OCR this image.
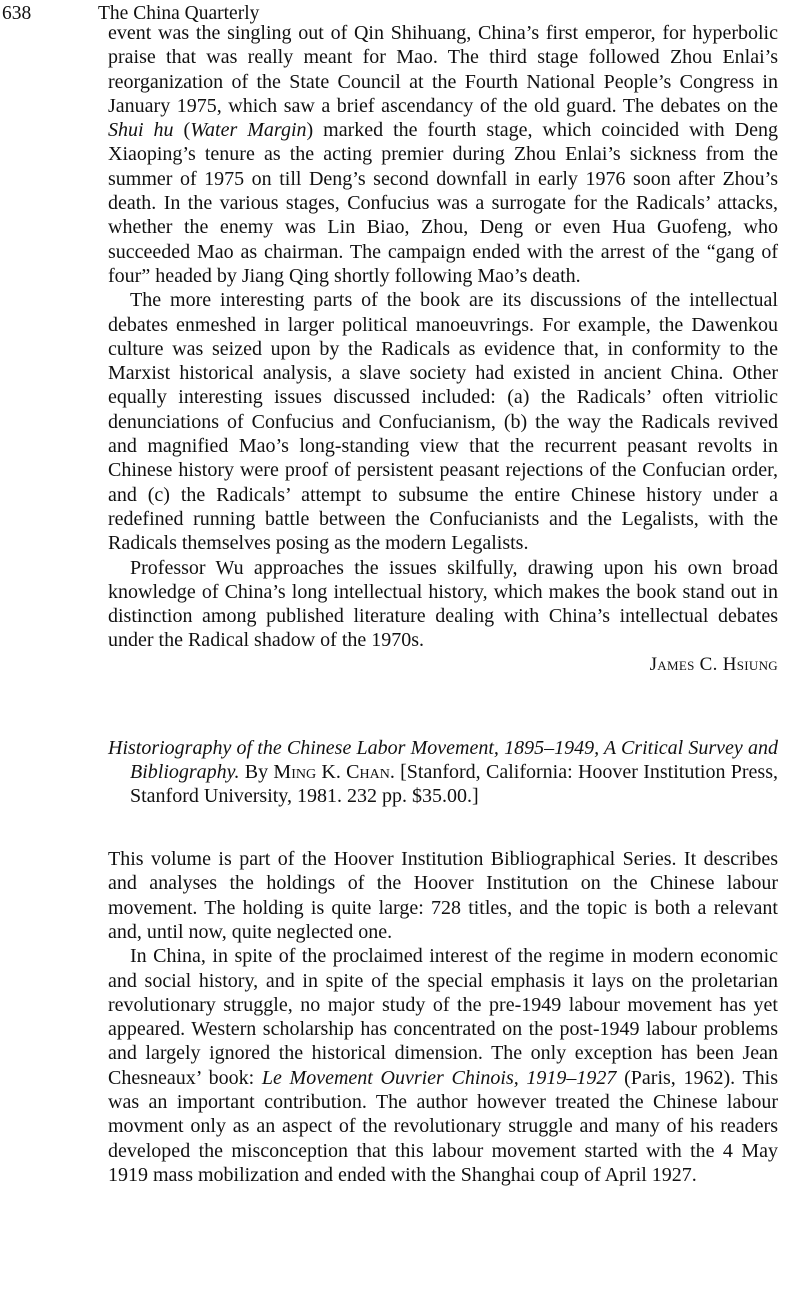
638	The China Quarterly

event was the singling out of Qin Shihuang, China’s first emperor, for hyperbolic praise that was really meant for Mao. The third stage followed Zhou Enlai’s reorganization of the State Council at the Fourth National People’s Congress in January 1975, which saw a brief ascendancy of the old guard. The debates on the Shui hu (Water Margin) marked the fourth stage, which coincided with Deng Xiaoping’s tenure as the acting premier during Zhou Enlai’s sickness from the summer of 1975 on till Deng’s second downfall in early 1976 soon after Zhou’s death. In the various stages, Confucius was a surrogate for the Radicals’ attacks, whether the enemy was Lin Biao, Zhou, Deng or even Hua Guofeng, who succeeded Mao as chairman. The campaign ended with the arrest of the “gang of four” headed by Jiang Qing shortly following Mao’s death.

The more interesting parts of the book are its discussions of the intellectual debates enmeshed in larger political manoeuvrings. For example, the Dawenkou culture was seized upon by the Radicals as evidence that, in conformity to the Marxist historical analysis, a slave society had existed in ancient China. Other equally interesting issues discussed included: (a) the Radicals’ often vitriolic denunciations of Confucius and Confucianism, (b) the way the Radicals revived and magnified Mao’s long-standing view that the recurrent peasant revolts in Chinese history were proof of persistent peasant rejections of the Confucian order, and (c) the Radicals’ attempt to subsume the entire Chinese history under a redefined running battle between the Confucianists and the Legalists, with the Radicals themselves posing as the modern Legalists.

Professor Wu approaches the issues skilfully, drawing upon his own broad knowledge of China’s long intellectual history, which makes the book stand out in distinction among published literature dealing with China’s intellectual debates under the Radical shadow of the 1970s.

James C. Hsiung

Historiography of the Chinese Labor Movement, 1895–1949, A Critical Survey and Bibliography. By Ming K. Chan. [Stanford, California: Hoover Institution Press, Stanford University, 1981. 232 pp. $35.00.]

This volume is part of the Hoover Institution Bibliographical Series. It describes and analyses the holdings of the Hoover Institution on the Chinese labour movement. The holding is quite large: 728 titles, and the topic is both a relevant and, until now, quite neglected one.

In China, in spite of the proclaimed interest of the regime in modern economic and social history, and in spite of the special emphasis it lays on the proletarian revolutionary struggle, no major study of the pre-1949 labour movement has yet appeared. Western scholarship has concentrated on the post-1949 labour problems and largely ignored the historical dimension. The only exception has been Jean Chesneaux’ book: Le Movement Ouvrier Chinois, 1919–1927 (Paris, 1962). This was an important contribution. The author however treated the Chinese labour movment only as an aspect of the revolutionary struggle and many of his readers developed the misconception that this labour movement started with the 4 May 1919 mass mobilization and ended with the Shanghai coup of April 1927.
